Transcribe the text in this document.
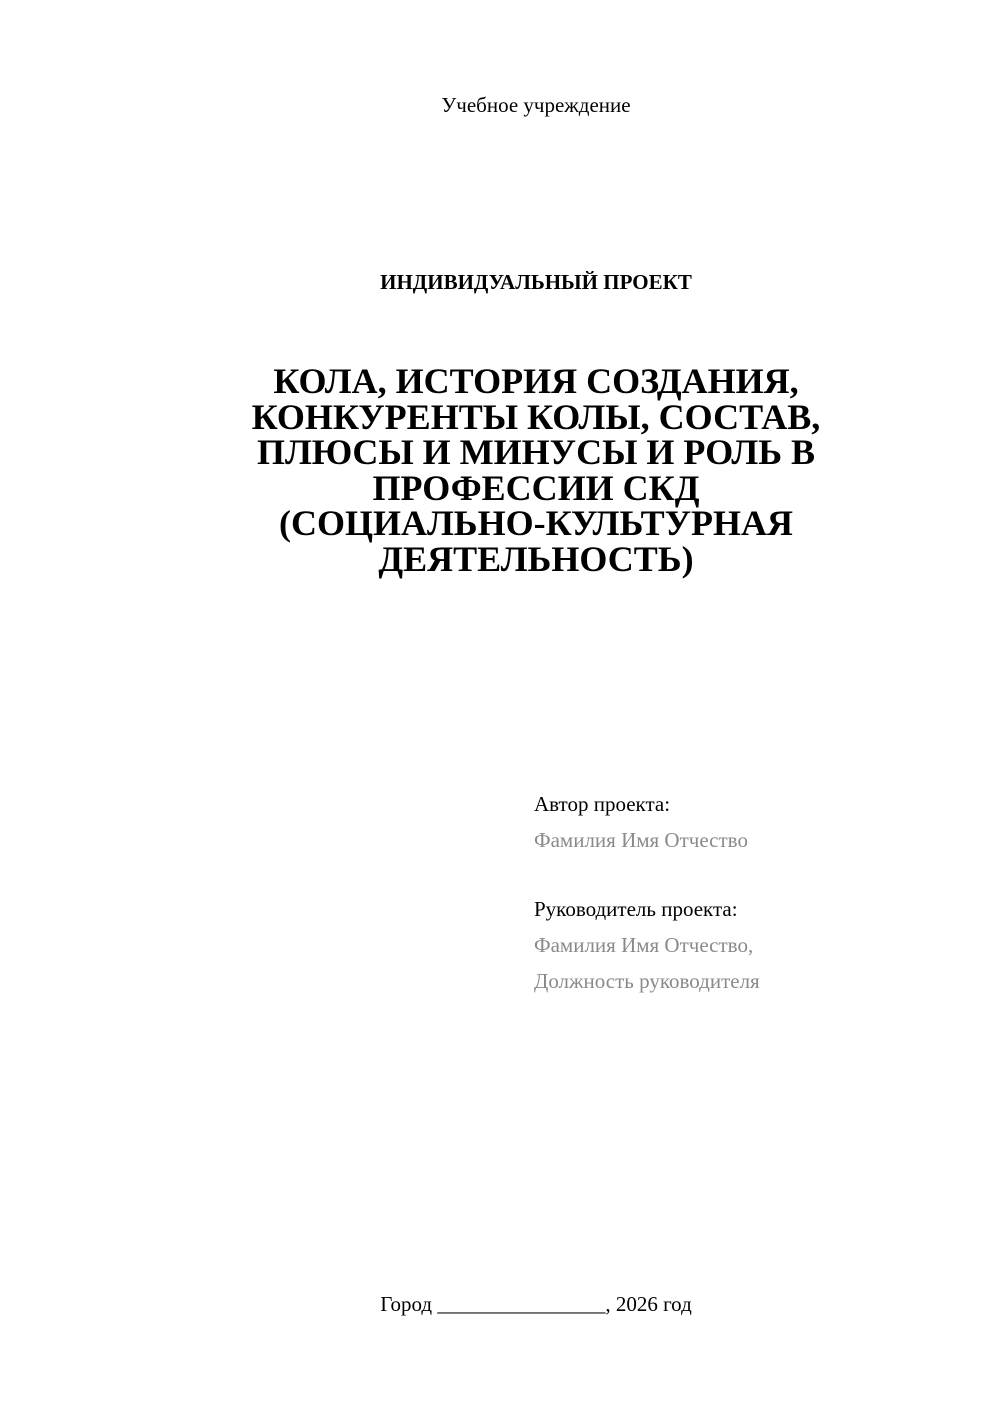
Учебное учреждение
ИНДИВИДУАЛЬНЫЙ ПРОЕКТ
КОЛА, ИСТОРИЯ СОЗДАНИЯ,
КОНКУРЕНТЫ КОЛЫ, СОСТАВ,
ПЛЮСЫ И МИНУСЫ И РОЛЬ В
ПРОФЕССИИ СКД
(СОЦИАЛЬНО-КУЛЬТУРНАЯ
ДЕЯТЕЛЬНОСТЬ)
Автор проекта:
Фамилия Имя Отчество
Руководитель проекта:
Фамилия Имя Отчество,
Должность руководителя
Город ________________, 2026 год
